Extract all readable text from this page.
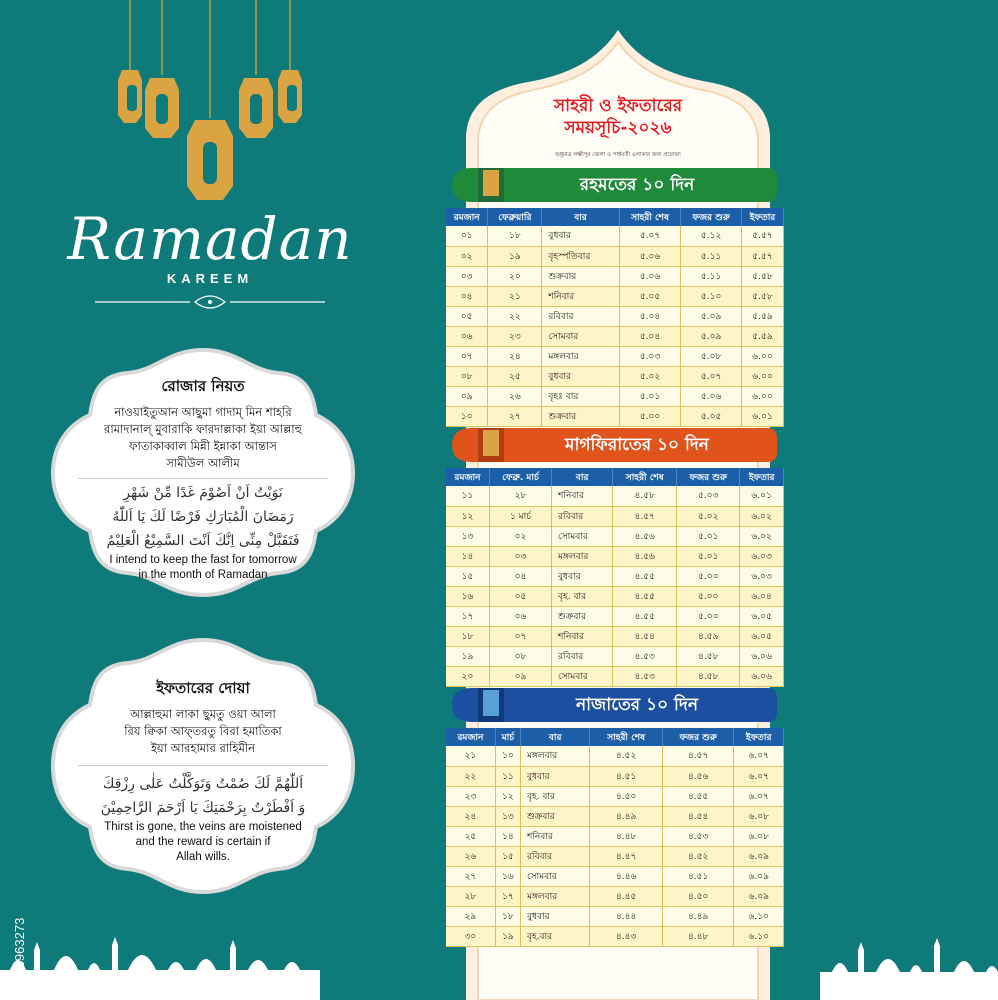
Ramadan
KAREEM
রোজার নিয়ত

নাওয়াইতুআন আছুমা গাদাম্ মিন শাহরি

রামাদানাল্ মুবারাকি ফারদাল্লাকা ইয়া আল্লাহু

ফাতাকাব্বাল মিন্নী ইন্নাকা আন্তাস

সামীউল আলীম

نَوَيْتُ اَنْ اَصُوْمَ غَدًا مِّنْ شَهْرِ
رَمَضَانَ الْمُبَارَكِ فَرْضًا لَكَ يَا اَللّٰهُ
فَتَقَبَّلْ مِنِّى اِنَّكَ اَنْتَ السَّمِيْعُ الْعَلِيْمُ
I intend to keep the fast for tomorrow
in the month of Ramadan
ইফতারের দোয়া

আল্লাহুমা লাকা ছুমতু ওয়া আলা

রিয ক্বিকা আফ্তরতু বিরা হমাতিকা

ইয়া আরহামার রাহিমীন

اَللّٰهُمَّ لَكَ صُمْتُ وَتَوَكَّلْتُ عَلٰى رِزْقِكَ
وَ اَفْطَرْتُ بِرَحْمَتِكَ يَا اَرْحَمَ الرَّاحِمِيْنَ
Thirst is gone, the veins are moistened
and the reward is certain if
Allah wills.
সাহরী ও ইফতারের
সময়সূচি-২০২৬
শুধুমাত্র লক্ষ্মীপুর জেলা ও পার্শ্ববর্তী এলাকার জন্য প্রযোজ্য
রহমতের ১০ দিন
রমজান	ফেব্রুয়ারি	বার	সাহরী শেষ	ফজর শুরু	ইফতার
০১	১৮	বুধবার	৫.০৭	৫.১২	৫.৫৭
০২	১৯	বৃহস্পতিবার	৫.০৬	৫.১১	৫.৫৭
০৩	২০	শুক্রবার	৫.০৬	৫.১১	৫.৫৮
০৪	২১	শনিবার	৫.০৫	৫.১০	৫.৫৮
০৫	২২	রবিবার	৫.০৪	৫.০৯	৫.৫৯
০৬	২৩	সোমবার	৫.০৪	৫.০৯	৫.৫৯
০৭	২৪	মঙ্গলবার	৫.০৩	৫.০৮	৬.০০
০৮	২৫	বুধবার	৫.০২	৫.০৭	৬.০০
০৯	২৬	বৃহঃ বার	৫.০১	৫.০৬	৬.০০
১০	২৭	শুক্রবার	৫.০০	৫.০৫	৬.০১
মাগফিরাতের ১০ দিন
রমজান	ফেব্রু. মার্চ	বার	সাহরী শেষ	ফজর শুরু	ইফতার
১১	২৮	শনিবার	৪.৫৮	৫.০৩	৬.০১
১২	১ মার্চ	রবিবার	৪.৫৭	৫.০২	৬.০২
১৩	০২	সোমবার	৪.৫৬	৫.০১	৬.০২
১৪	০৩	মঙ্গলবার	৪.৫৬	৫.০১	৬.০৩
১৫	০৪	বুধবার	৪.৫৫	৫.০০	৬.০৩
১৬	০৫	বৃহ. বার	৪.৫৫	৫.০০	৬.০৪
১৭	০৬	শুক্রবার	৪.৫৫	৫.০০	৬.০৫
১৮	০৭	শনিবার	৪.৫৪	৪.৫৯	৬.০৫
১৯	০৮	রবিবার	৪.৫৩	৪.৫৮	৬.০৬
২০	০৯	সোমবার	৪.৫৩	৪.৫৮	৬.০৬
নাজাতের ১০ দিন
রমজান	মার্চ	বার	সাহরী শেষ	ফজর শুরু	ইফতার
২১	১০	মঙ্গলবার	৪.৫২	৪.৫৭	৬.০৭
২২	১১	বুধবার	৪.৫১	৪.৫৬	৬.০৭
২৩	১২	বৃহ. বার	৪.৫০	৪.৫৫	৬.০৭
২৪	১৩	শুক্রবার	৪.৪৯	৪.৫৪	৬.০৮
২৫	১৪	শনিবার	৪.৪৮	৪.৫৩	৬.০৮
২৬	১৫	রবিবার	৪.৪৭	৪.৫২	৬.০৯
২৭	১৬	সোমবার	৪.৪৬	৪.৫১	৬.০৯
২৮	১৭	মঙ্গলবার	৪.৪৫	৪.৫০	৬.০৯
২৯	১৮	বুধবার	৪.৪৪	৪.৪৯	৬.১০
৩০	১৯	বৃহ.বার	৪.৪৩	৪.৪৮	৬.১০
1913963273
